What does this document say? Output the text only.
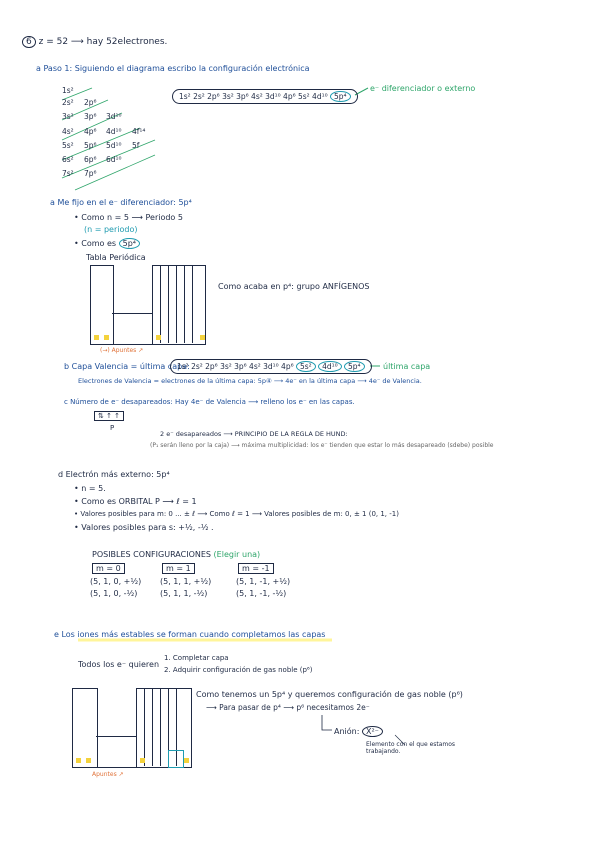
6 z = 52 ⟶ hay 52electrones.
a Paso 1: Siguiendo el diagrama escribo la configuración electrónica
1s²
2s² 2p⁶
3s² 3p⁶ 3d¹⁰
4s² 4p⁶ 4d¹⁰ 4f¹⁴
5s² 5p⁶ 5d¹⁰ 5f
6s² 6p⁶ 6d¹⁰
7s² 7p⁶
1s² 2s² 2p⁶ 3s² 3p⁶ 4s² 3d¹⁰ 4p⁶ 5s² 4d¹⁰ 5p⁴
e⁻ diferenciador o externo
a Me fijo en el e⁻ diferenciador: 5p⁴
• Como n = 5 ⟶ Periodo 5
(n = periodo)
• Como es 5p⁴
Tabla Periódica
Como acaba en p⁴: grupo ANFÍGENOS
(→) Apuntes ↗
b Capa Valencia = última capa:
1s² 2s² 2p⁶ 3s² 3p⁶ 4s² 3d¹⁰ 4p⁶ 5s² 4d¹⁰ 5p⁴	última capa
Electrones de Valencia = electrones de la última capa: 5p④ ⟶ 4e⁻ en la última capa ⟶ 4e⁻ de Valencia.
c Número de e⁻ desapareados: Hay 4e⁻ de Valencia ⟶ relleno los e⁻ en las capas.
⇅ ↑ ↑
P
2 e⁻ desapareados ⟶ PRINCIPIO DE LA REGLA DE HUND:
(P₁ serán lleno por la caja) ⟶ máxima multiplicidad: los e⁻ tienden que estar lo más desapareado (sdebe) posible
d Electrón más externo: 5p⁴
• n = 5.
• Como es ORBITAL P ⟶ ℓ = 1
• Valores posibles para m: 0 ... ± ℓ ⟶ Como ℓ = 1 ⟶ Valores posibles de m: 0, ± 1 (0, 1, -1)
• Valores posibles para s: +½, -½ .
POSIBLES CONFIGURACIONES (Elegir una)
m = 0
(5, 1, 0, +½)
(5, 1, 0, -½)
m = 1
(5, 1, 1, +½)
(5, 1, 1, -½)
m = -1
(5, 1, -1, +½)
(5, 1, -1, -½)
e Los iones más estables se forman cuando completamos las capas
Todos los e⁻ quieren
1. Completar capa
2. Adquirir configuración de gas noble (p⁶)
Como tenemos un 5p⁴ y queremos configuración de gas noble (p⁶)
⟶ Para pasar de p⁴ ⟶ p⁶ necesitamos 2e⁻
Anión: X²⁻
Elemento con el que estamos trabajando.
Apuntes ↗
